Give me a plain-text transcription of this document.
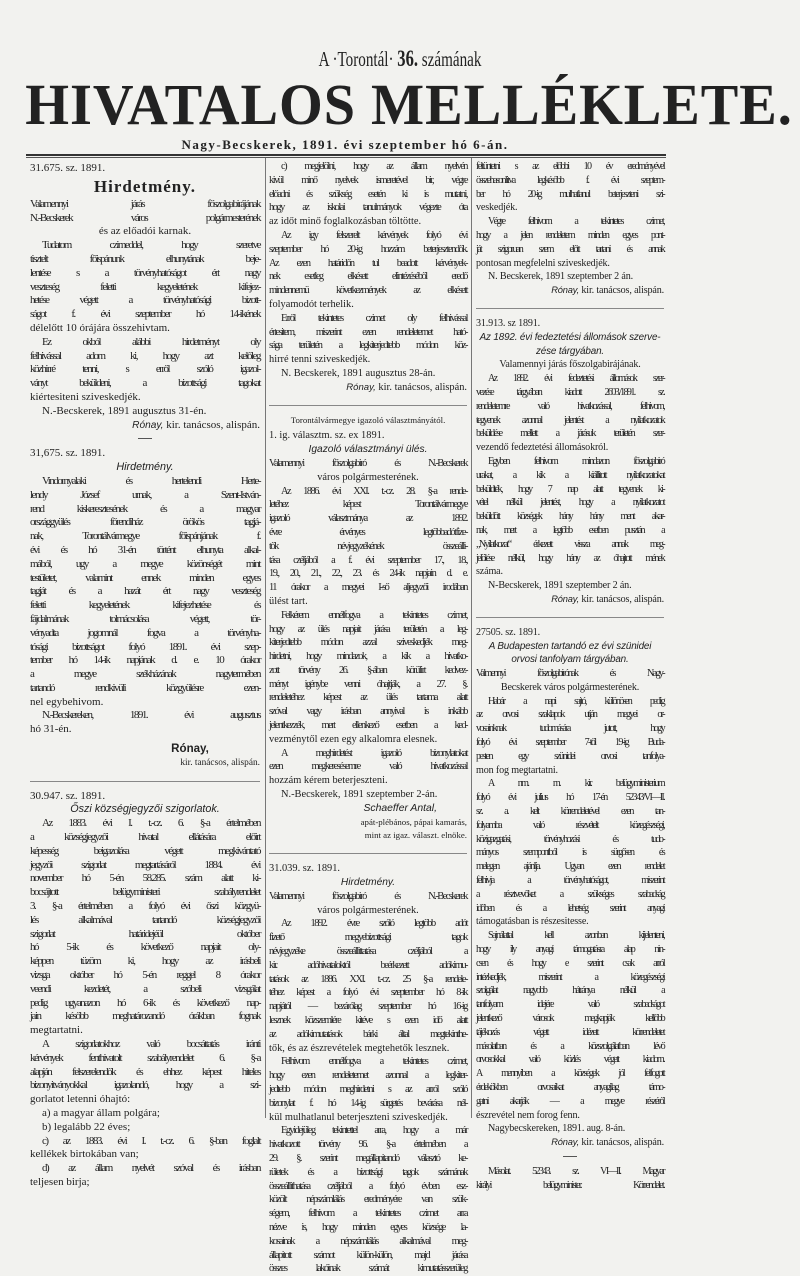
A ·Torontál· 36. számának
HIVATALOS MELLÉKLETE.
Nagy-Becskerek, 1891. évi szeptember hó 6-án.
31.675. sz. 1891.
Hirdetmény.
Valamennyi járás főszolgabirájának
N.-Becskerek város polgármesterének
és az előadói karnak.
Tudatom czimeddel, hogy szeretve
tisztelt főispánunk elhunytának beje-
lentése s a törvényhatóságot ért nagy
veszteség feletti kegyeletének kifejez-
hetése végett a törvényhatósági bizott-
ságot f. évi szeptember hó 14-ikének
délelőtt 10 órájára összehivtam.
Ez okból alábbi hirdetményt oly
felhivással adom ki, hogy azt kelőleg
közhirré tenni, s erről szóló igazol-
ványt beküldeni, a bizottsági tagokat
kiértesiteni sziveskedjék.
N.-Becskerek, 1891 augusztus 31-én.
Rónay, kir. tanácsos, alispán.
31,675. sz. 1891.
Hirdetmény.
Vindornyalaki és hertelendi Herte-
lendy József urnak, a Szent-István-
rend kiskeresztesének és a magyar
országgyülés főrendiház örökös tagjá-
nak, Torontálvármegye főispánjának f.
évi és hó 31-én történt elhunyta alkal-
mából, ugy a megye közönségét mint
testületet, valamint ennek minden egyes
tagját és a hazát ért nagy veszteség
feletti kegyeletének kifejezhetése és
fájdalmának tolmácsolása végett, tör-
vényadta jogomnál fogva a törvényha-
tósági bizottságot folyó 1891. évi szep-
tember hó 14-ik napjának d. e. 10 órakor
a megye székházának nagytermében
tartandó rendkivüli közgyülésre ezen-
nel egybehivom.
N.-Becskereken, 1891. évi augusztus
hó 31-én.
Rónay,
kir. tanácsos, alispán.
30.947. sz. 1891.
Őszi községjegyzői szigorlatok.
Az 1883. évi I. t.-cz. 6. §-a értelmében
a községjegyzői hivatal ellátására előirt
képesség beigazolása végett megkivántató
jegyzői szigorlat megtartásáról 1884. évi
november hó 5-én 58.285. szám alatt ki-
bocsájtott belügyministeri szabályrendelet
3. §-a értelmében a folyó évi őszi közgyü-
lés alkalmával tartandó községjegyzői
szigorlat határidejéül október
hó 5-ik és következő napjait oly-
képpen tüzöm ki, hogy az irásbeli
vizsga október hó 5-én reggel 8 órakor
veendi kezdetét, a szóbeli vizsgálat
pedig ugyanazon hó 6-ik és következő nap-
jain később meghatározandó órákban fognak
megtartatni.
A szigorlatokhoz való bocsáttatás iránti
kérvények fenthivatolt szabályrendelet 6. §-a
alapján felszerelendők és ehhez képest hiteles
bizonyitványokkal igazolandó, hogy a szi-
gorlatot letenni óhajtó:
a) a magyar állam polgára;
b) legalább 22 éves;
c) az 1883. évi I. t.-cz. 6. §-ban foglalt
kellékek birtokában van;
d) az állam nyelvét szóval és irásban
teljesen birja;
c) megjelölni, hogy az állam nyelvén
kivül minő nyelvek ismeretével bir, végre
előadni és szükség esetén ki is mutatni,
hogy az iskolai tanulmányok végezte óta
az időt minő foglalkozásban töltötte.
Az igy felszerelt kérvények folyó évi
szeptember hó 20-ig hozzám beterjesztendők.
Az ezen határidőn tul beadott kérvények-
nek esetleg elkésett elintézéséből eredő
mindennemü következmények az elkésett
folyamodót terhelik.
Erről tekintetes czimet oly felhivással
értesitem, miszerint ezen rendeletemet ható-
sága területén a legkiterjedtebb módon köz-
hirré tenni sziveskedjék.
N. Becskerek, 1891 augusztus 28-án.
Rónay, kir. tanácsos, alispán.
Torontálvármegye igazoló választmányától.
1. ig. választm. sz. ex 1891.
Igazoló választmányi ülés.
Valamennyi főszolgabiró és N.-Becskerek
város polgármesterének.
Az 1886. évi XXI. t.-cz. 28. §-a rende-
letéhez képest Torontálvármegye
igazoló választmánya az 1892.
évre érvényes legtöbbadótfize-
tők névjegyzékének összeálli-
tása czéljából a f. évi szeptember 17., 18.,
19., 20., 21., 22., 23. és 24-ik napjain d. e.
11 órakor a megyei I-ső aljegyzői irodában
ülést tart.
Felkérem ennélfogva a tekintetes czimet,
hogy az ülés napjait járása területén a leg-
kiterjedtebb módon azzal sziveskedjék meg-
hirdetni, hogy mindazok, a kik a hivatko-
zott törvény 26. §-ában körülirt kedvez-
ményt igénybe venni óhajtják, a 27. §.
rendeletéhez képest az ülés tartama alatt
szóval vagy irásban annyival is inkább
jelentkezzék, mert ellenkező esetben a ked-
vezménytől ezen egy alkalomra elesnek.
A meghirdetést igazoló bizonylatokat
ezen megkeresésemre való hivatkozással
hozzám kérem beterjeszteni.
N.-Becskerek, 1891 szeptember 2-án.
Schaeffer Antal,
apát-plébános, pápai kamarás,
mint az igaz. választ. elnöke.
31.039. sz. 1891.
Hirdetmény.
Valamennyi főszolgabiró és N.-Becskerek
város polgármesterének.
Az 1892. évre szóló legtöbb adót
fizető megyebizottsági tagok
névjegyzéke összeállittatása czéljából a
kir. adóhivataloktól beérkezett adókimu-
tatások az 1886. XXI. t.-cz. 25 §-a rendele-
téhez képest a folyó évi szeptember hó 8-ik
napjától — bezárólag szeptember hó 16-ig
lesznek közszemlére kitéve s ezen idő alatt
az adókimutatások bárki által megtekinthe-
tők, és az észrevételek megtehetők lesznek.
Felhivom ennélfogva a tekintetes czimet,
hogy ezen rendeletemet azonnal a legkiter-
jedtebb módon meghirdetni s az arról szóló
bizonylat f. hó 14-ig sürgetés bevárása nél-
kül mulhatlanul beterjeszteni sziveskedjék.
Egyidejüleg tekintettel arra, hogy a már
hivatkozott törvény 96. §-a értelmében a
29. §. szerint megállapitandó választó ke-
rületek és a bizottsági tagok számának
összeállithatása czéljából a folyó évben esz-
közölt népszámlálás eredményére van szük-
ségem, felhivom a tekintetes czimet arra
nézve is, hogy minden egyes községe la-
kosainak a népszámlálás alkalmával meg-
állapitott számot külön-külön, majd járása
összes lakóinak számát kimutatásszerüleg
feltüntetni s az előbbi 10 év eredményével
összehasonlitva legkésőbb f. évi szeptem-
ber hó 20-ig mulhatlanul beterjeszteni szi-
veskedjék.
Végre felhivom a tekintetes czimet,
hogy a jelen rendeletem minden egyes pont-
ját szigoruan szem előtt tartani és annak
pontosan megfelelni sziveskedjék.
N. Becskerek, 1891 szeptember 2 án.
Rónay, kir. tanácsos, alispán.
31.913. sz 1891.
Az 1892. évi fedeztetési állomások szerve-
zése tárgyában.
Valamennyi járás főszolgabirájának.
Az 1892. évi fedeztetési állomások szer-
vezése tárgyában kiadott 2603./1891. sz.
rendeletemre való hivatkozással, felhivom,
tegyenek azonnal jelentést a nyilatkozatok
beküldése mellett a járásuk területén szer-
vezendő fedeztetési állomásokról.
Egyben felhivom mindazon főszolgabiró
urakat, a kik a kiállitott nyilatkozatokat
beküldték, hogy 7 nap alatt tegyenek ki-
vétel nélkül jelentést, hogy a nyilatkozatot
beküldött községek hány hány ment akar-
nak, mert a legtöbb esetben pusztán a
„Nyilatkozat“ érkezett vissza annak meg-
jelölése nélkül, hogy hány az óhajtott mének
száma.
N-Becskerek, 1891 szeptember 2 án.
Rónay, kir. tanácsos, alispán.
27505. sz. 1891.
A Budapesten tartandó ez évi szünidei
orvosi tanfolyam tárgyában.
Valmennyi főszolgabirónak és Nagy-
Becskerek város polgármesterének.
Habár a napi sajtó, különösen pedig
az orvosi szaklapok utján megyei or-
vosainknak tudomására jutott, hogy
folyó évi szeptember 7-től 19-ig Buda-
pesten egy szünidei orvosi tanfolya-
mon fog megtartatni.
A nm. m. kir. belügyministerium
folyó évi julius hó 17-én 52343/VI—II.
sz. a. kelt körrendeletével ezen tan-
folyamba való részvételt közegészségi,
közigazgatási, törvényhozási és tudo-
mányos szempontból is sürgősen és
melegen ajánlja. Ugyan ezen rendelet
felhivja a törvényhatóságot, miszerint
a résztvevőket a szükséges szabadság
időben és a lehetség szerint anyagi
támogatásban is részesitesse.
Sajnálattal kell azonban kijelenteni,
hogy ily anyagi támogatásra alap nin-
csen és hogy e szerint csak arról
intézkedjék, miszerint a közegészségi
szolgálat nagyobb hátránya nélkül a
tanfolyam idejére való szabadságot
jelentkező városok megkapják kellőbb
tájékozás végett idézett körrendeletet
másolatban és a közszolgálatban lévő
orvosokkal való közlés végett kiadom.
A mennyiben a községek jól felfogott
érdekökben orvosaikat anyagilag támo-
gatni akarják — a megye részéről
észrevétel nem forog fenn.
Nagybecskereken, 1891. aug. 8-án.
Rónay, kir. tanácsos, alispán.
Másolat. 52343. sz. VI—II. Magyar
királyi belügyminister. Körrendelet.
